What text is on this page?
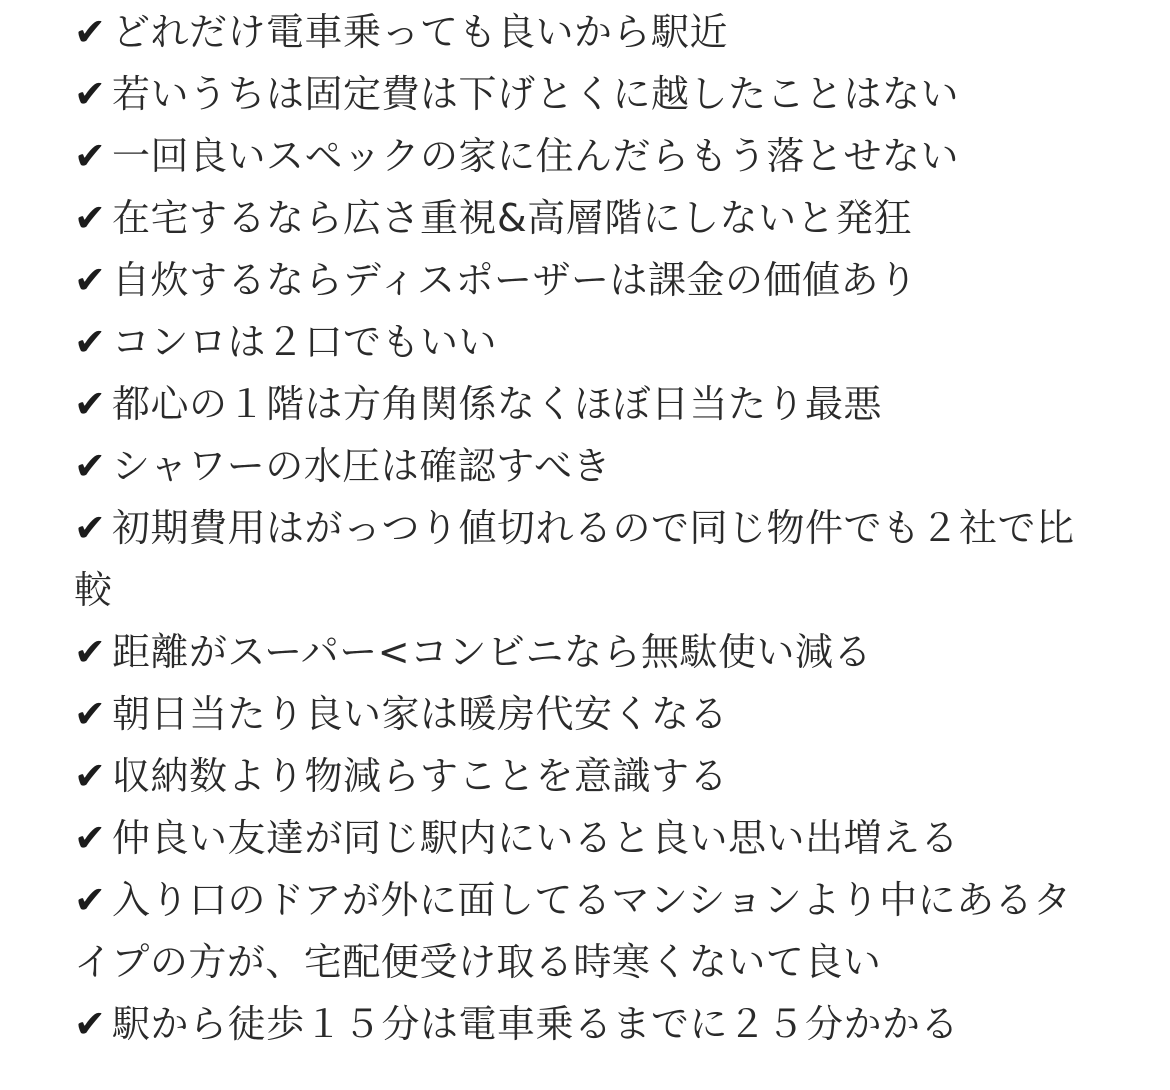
✔ どれだけ電車乗っても良いから駅近

✔ 若いうちは固定費は下げとくに越したことはない

✔ 一回良いスペックの家に住んだらもう落とせない

✔ 在宅するなら広さ重視&高層階にしないと発狂

✔ 自炊するならディスポーザーは課金の価値あり

✔ コンロは２口でもいい

✔ 都心の１階は方角関係なくほぼ日当たり最悪

✔ シャワーの水圧は確認すべき

✔ 初期費用はがっつり値切れるので同じ物件でも２社で比較

✔ 距離がスーパー<コンビニなら無駄使い減る

✔ 朝日当たり良い家は暖房代安くなる

✔ 収納数より物減らすことを意識する

✔ 仲良い友達が同じ駅内にいると良い思い出増える

✔ 入り口のドアが外に面してるマンションより中にあるタイプの方が、宅配便受け取る時寒くないて良い

✔ 駅から徒歩１５分は電車乗るまでに２５分かかる
